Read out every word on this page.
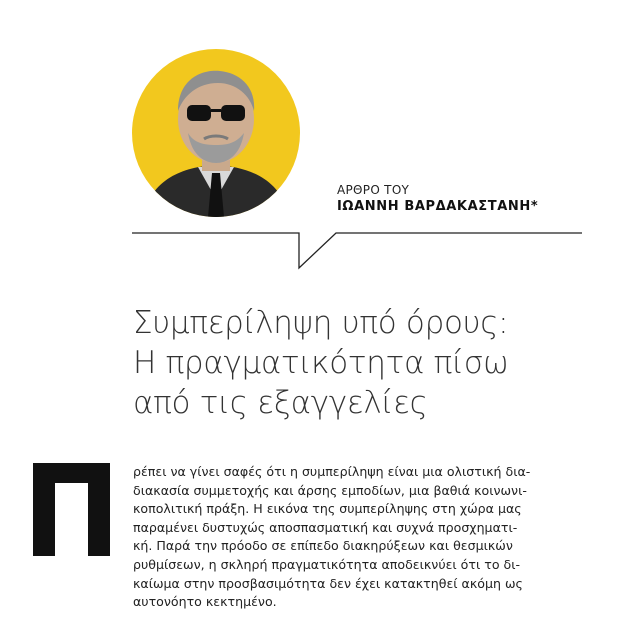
ΑΡΘΡΟ ΤΟΥ
ΙΩΑΝΝΗ ΒΑΡΔΑΚΑΣΤΑΝΗ*
Συμπερίληψη υπό όρους:
Η πραγματικότητα πίσω
από τις εξαγγελίες
ρέπει να γίνει σαφές ότι η συμπερίληψη είναι μια ολιστική δια-
διακασία συμμετοχής και άρσης εμποδίων, μια βαθιά κοινωνι-
κοπολιτική πράξη. Η εικόνα της συμπερίληψης στη χώρα μας
παραμένει δυστυχώς αποσπασματική και συχνά προσχηματι-
κή. Παρά την πρόοδο σε επίπεδο διακηρύξεων και θεσμικών
ρυθμίσεων, η σκληρή πραγματικότητα αποδεικνύει ότι το δι-
καίωμα στην προσβασιμότητα δεν έχει κατακτηθεί ακόμη ως
αυτονόητο κεκτημένο.
